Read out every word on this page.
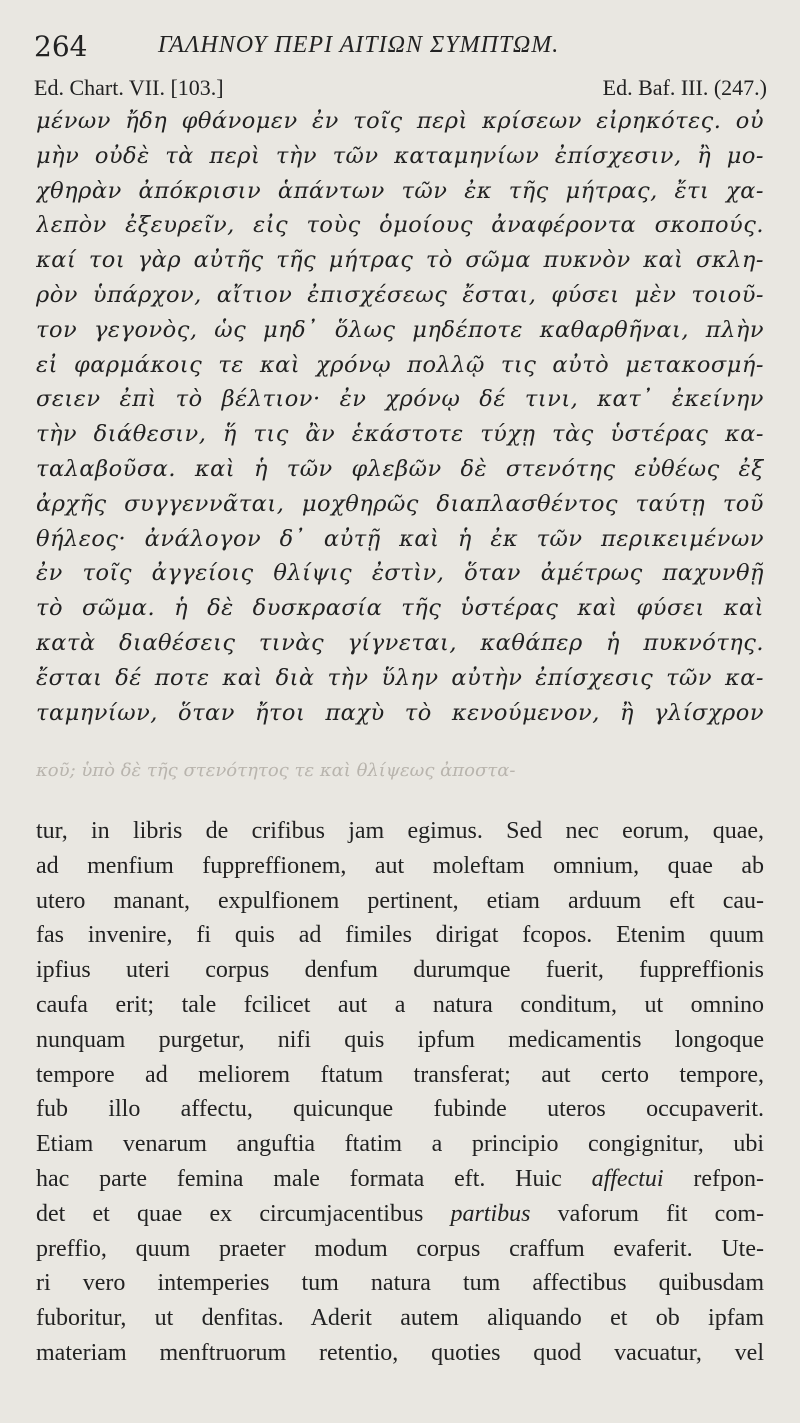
264	ΓΑΛΗΝΟΥ ΠΕΡΙ ΑΙΤΙΩΝ ΣΥΜΠΤΩΜ.
Ed. Chart. VII. [103.]	Ed. Baf. III. (247.)
μένων ἤδη φθάνομεν ἐν τοῖς περὶ κρίσεων εἰρηκότες. οὐ
μὴν οὐδὲ τὰ περὶ τὴν τῶν καταμηνίων ἐπίσχεσιν, ἢ μο-
χθηρὰν ἀπόκρισιν ἁπάντων τῶν ἐκ τῆς μήτρας, ἔτι χα-
λεπὸν ἐξευρεῖν, εἰς τοὺς ὁμοίους ἀναφέροντα σκοπούς.
καί τοι γὰρ αὐτῆς τῆς μήτρας τὸ σῶμα πυκνὸν καὶ σκλη-
ρὸν ὑπάρχον, αἴτιον ἐπισχέσεως ἔσται, φύσει μὲν τοιοῦ-
τον γεγονὸς, ὡς μηδ᾽ ὅλως μηδέποτε καθαρθῆναι, πλὴν
εἰ φαρμάκοις τε καὶ χρόνῳ πολλῷ τις αὐτὸ μετακοσμή-
σειεν ἐπὶ τὸ βέλτιον· ἐν χρόνῳ δέ τινι, κατ᾽ ἐκείνην
τὴν διάθεσιν, ἥ τις ἂν ἑκάστοτε τύχῃ τὰς ὑστέρας κα-
ταλαβοῦσα. καὶ ἡ τῶν φλεβῶν δὲ στενότης εὐθέως ἐξ
ἀρχῆς συγγεννᾶται, μοχθηρῶς διαπλασθέντος ταύτῃ τοῦ
θήλεος· ἀνάλογον δ᾽ αὐτῇ καὶ ἡ ἐκ τῶν περικειμένων
ἐν τοῖς ἀγγείοις θλίψις ἐστὶν, ὅταν ἀμέτρως παχυνθῇ
τὸ σῶμα. ἡ δὲ δυσκρασία τῆς ὑστέρας καὶ φύσει καὶ
κατὰ διαθέσεις τινὰς γίγνεται, καθάπερ ἡ πυκνότης.
ἔσται δέ ποτε καὶ διὰ τὴν ὕλην αὐτὴν ἐπίσχεσις τῶν κα-
ταμηνίων, ὅταν ἤτοι παχὺ τὸ κενούμενον, ἢ γλίσχρον
κοῦ; ὑπὸ δὲ τῆς στενότητος τε καὶ θλίψεως ἀποστα-
tur, in libris de crifibus jam egimus. Sed nec eorum, quae,
ad menfium fuppreffionem, aut moleftam omnium, quae ab
utero manant, expulfionem pertinent, etiam arduum eft cau-
fas invenire, fi quis ad fimiles dirigat fcopos. Etenim quum
ipfius uteri corpus denfum durumque fuerit, fuppreffionis
caufa erit; tale fcilicet aut a natura conditum, ut omnino
nunquam purgetur, nifi quis ipfum medicamentis longoque
tempore ad meliorem ftatum transferat; aut certo tempore,
fub illo affectu, quicunque fubinde uteros occupaverit.
Etiam venarum anguftia ftatim a principio congignitur, ubi
hac parte femina male formata eft. Huic affectui refpon-
det et quae ex circumjacentibus partibus vaforum fit com-
preffio, quum praeter modum corpus craffum evaferit. Ute-
ri vero intemperies tum natura tum affectibus quibusdam
fuboritur, ut denfitas. Aderit autem aliquando et ob ipfam
materiam menftruorum retentio, quoties quod vacuatur, vel
